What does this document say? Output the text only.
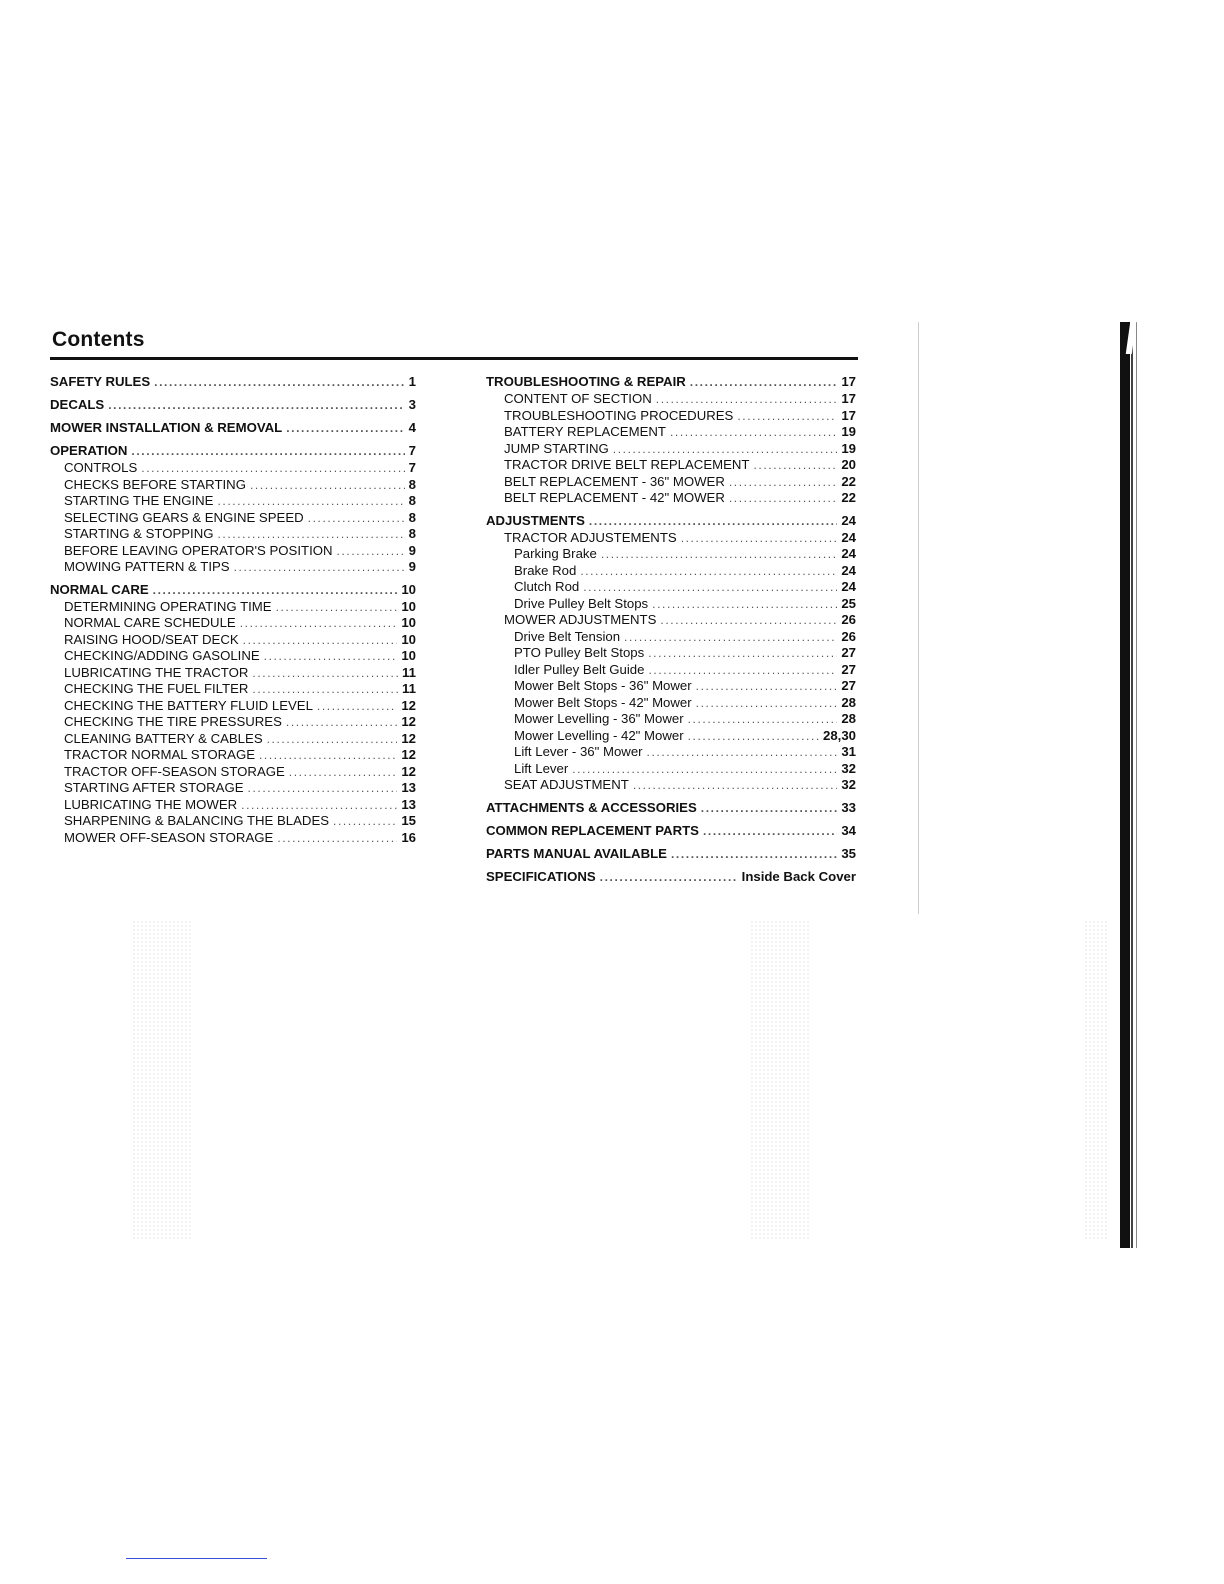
Contents
SAFETY RULES .....	1
DECALS .....	3
MOWER INSTALLATION & REMOVAL .....	4
OPERATION .....	7
CONTROLS .....	7
CHECKS BEFORE STARTING .....	8
STARTING THE ENGINE .....	8
SELECTING GEARS & ENGINE SPEED .....	8
STARTING & STOPPING .....	8
BEFORE LEAVING OPERATOR'S POSITION .....	9
MOWING PATTERN & TIPS .....	9
NORMAL CARE .....	10
DETERMINING OPERATING TIME .....	10
NORMAL CARE SCHEDULE .....	10
RAISING HOOD/SEAT DECK .....	10
CHECKING/ADDING GASOLINE .....	10
LUBRICATING THE TRACTOR .....	11
CHECKING THE FUEL FILTER .....	11
CHECKING THE BATTERY FLUID LEVEL .....	12
CHECKING THE TIRE PRESSURES .....	12
CLEANING BATTERY & CABLES .....	12
TRACTOR NORMAL STORAGE .....	12
TRACTOR OFF-SEASON STORAGE .....	12
STARTING AFTER STORAGE .....	13
LUBRICATING THE MOWER .....	13
SHARPENING & BALANCING THE BLADES .....	15
MOWER OFF-SEASON STORAGE .....	16
TROUBLESHOOTING & REPAIR .....	17
CONTENT OF SECTION .....	17
TROUBLESHOOTING PROCEDURES .....	17
BATTERY REPLACEMENT .....	19
JUMP STARTING .....	19
TRACTOR DRIVE BELT REPLACEMENT .....	20
BELT REPLACEMENT - 36" MOWER .....	22
BELT REPLACEMENT - 42" MOWER .....	22
ADJUSTMENTS .....	24
TRACTOR ADJUSTEMENTS .....	24
Parking Brake .....	24
Brake Rod .....	24
Clutch Rod .....	24
Drive Pulley Belt Stops .....	25
MOWER ADJUSTMENTS .....	26
Drive Belt Tension .....	26
PTO Pulley Belt Stops .....	27
Idler Pulley Belt Guide .....	27
Mower Belt Stops - 36" Mower .....	27
Mower Belt Stops - 42" Mower .....	28
Mower Levelling - 36" Mower .....	28
Mower Levelling - 42" Mower .....	28,30
Lift Lever - 36" Mower .....	31
Lift Lever .....	32
SEAT ADJUSTMENT .....	32
ATTACHMENTS & ACCESSORIES .....	33
COMMON REPLACEMENT PARTS .....	34
PARTS MANUAL AVAILABLE .....	35
SPECIFICATIONS .....	Inside Back Cover
